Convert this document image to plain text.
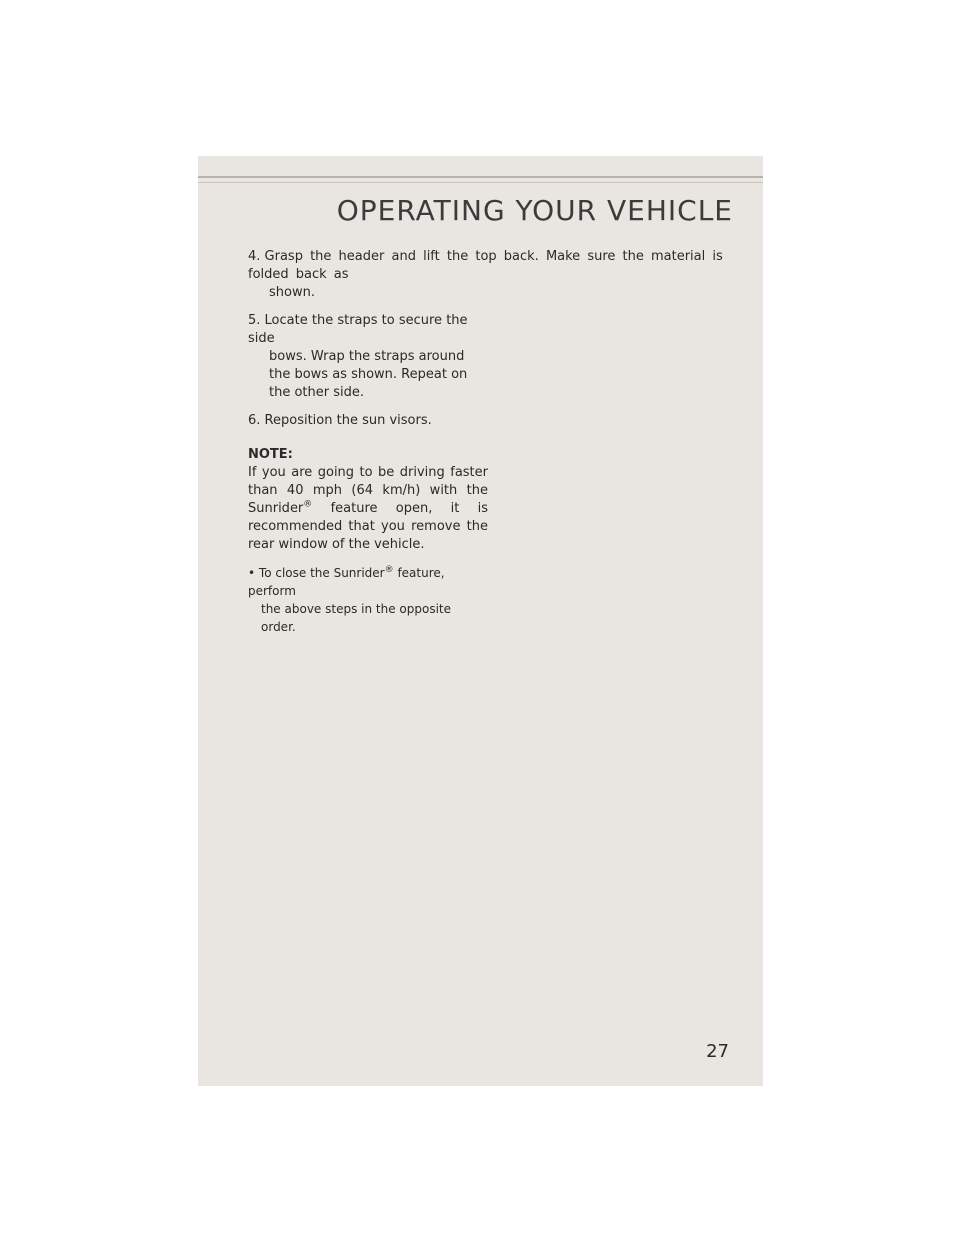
OPERATING YOUR VEHICLE
4. Grasp the header and lift the top back. Make sure the material is folded back as
shown.
5. Locate the straps to secure the side
bows. Wrap the straps around the bows as shown. Repeat on the other side.
6. Reposition the sun visors.
NOTE:
If you are going to be driving faster than 40 mph (64 km/h) with the Sunrider® feature open, it is recommended that you remove the rear window of the vehicle.
• To close the Sunrider® feature, perform
the above steps in the opposite order.
27
